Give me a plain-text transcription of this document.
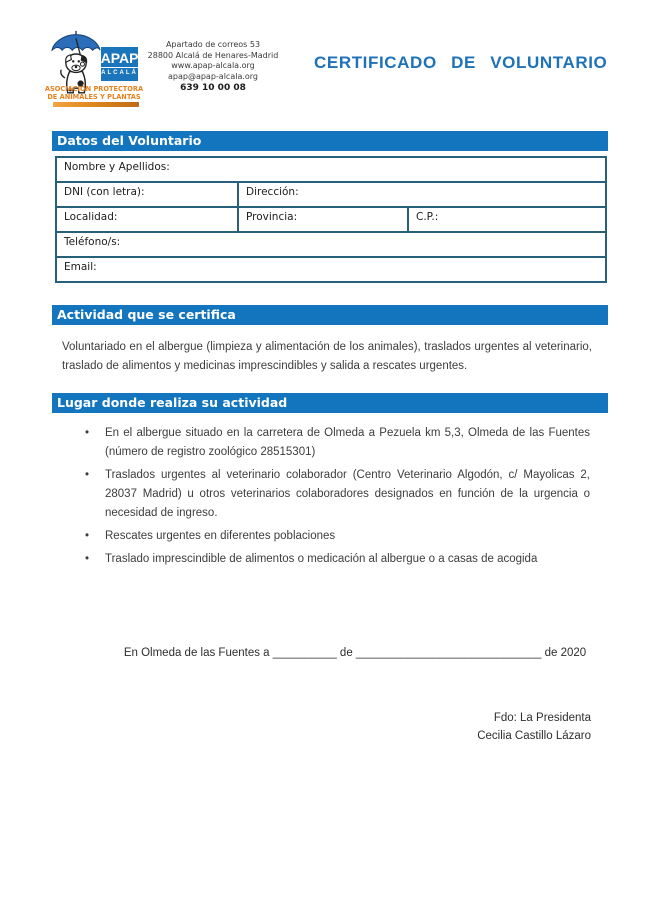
APAP
ALCALÁ
ASOCIACIÓN PROTECTORA
DE ANIMALES Y PLANTAS
Apartado de correos 53
28800 Alcalá de Henares-Madrid
www.apap-alcala.org
apap@apap-alcala.org
639 10 00 08
CERTIFICADO DE VOLUNTARIO
Datos del Voluntario
Nombre y Apellidos:
DNI (con letra):	Dirección:
Localidad:	Provincia:	C.P.:
Teléfono/s:
Email:
Actividad que se certifica

Voluntariado en el albergue (limpieza y alimentación de los animales), traslados urgentes al veterinario, traslado de alimentos y medicinas imprescindibles y salida a rescates urgentes.

Lugar donde realiza su actividad
•	En el albergue situado en la carretera de Olmeda a Pezuela km 5,3, Olmeda de las Fuentes (número de registro zoológico 28515301)
•	Traslados urgentes al veterinario colaborador (Centro Veterinario Algodón, c/ Mayolicas 2, 28037 Madrid) u otros veterinarios colaboradores designados en función de la urgencia o necesidad de ingreso.
•	Rescates urgentes en diferentes poblaciones
•	Traslado imprescindible de alimentos o medicación al albergue o a casas de acogida
En Olmeda de las Fuentes a __________ de _____________________________ de 2020
Fdo: La Presidenta
Cecilia Castillo Lázaro
